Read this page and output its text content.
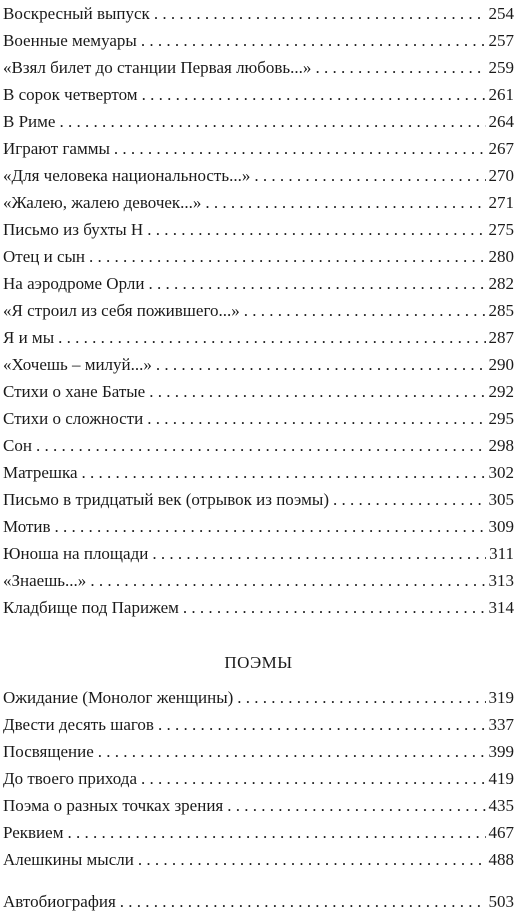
Воскресный выпуск . . .	254
Военные мемуары . . .	257
«Взял билет до станции Первая любовь...» . . .	259
В сорок четвертом . . .	261
В Риме . . .	264
Играют гаммы . . .	267
«Для человека национальность...» . . .	270
«Жалею, жалею девочек...» . . .	271
Письмо из бухты Н . . .	275
Отец и сын . . .	280
На аэродроме Орли . . .	282
«Я строил из себя пожившего...» . . .	285
Я и мы . . .	287
«Хочешь – милуй...» . . .	290
Стихи о хане Батые . . .	292
Стихи о сложности . . .	295
Сон . . .	298
Матрешка . . .	302
Письмо в тридцатый век (отрывок из поэмы) . . .	305
Мотив . . .	309
Юноша на площади . . .	311
«Знаешь...» . . .	313
Кладбище под Парижем . . .	314
ПОЭМЫ
Ожидание (Монолог женщины) . . .	319
Двести десять шагов . . .	337
Посвящение . . .	399
До твоего прихода . . .	419
Поэма о разных точках зрения . . .	435
Реквием . . .	467
Алешкины мысли . . .	488
Автобиография . . .	503
